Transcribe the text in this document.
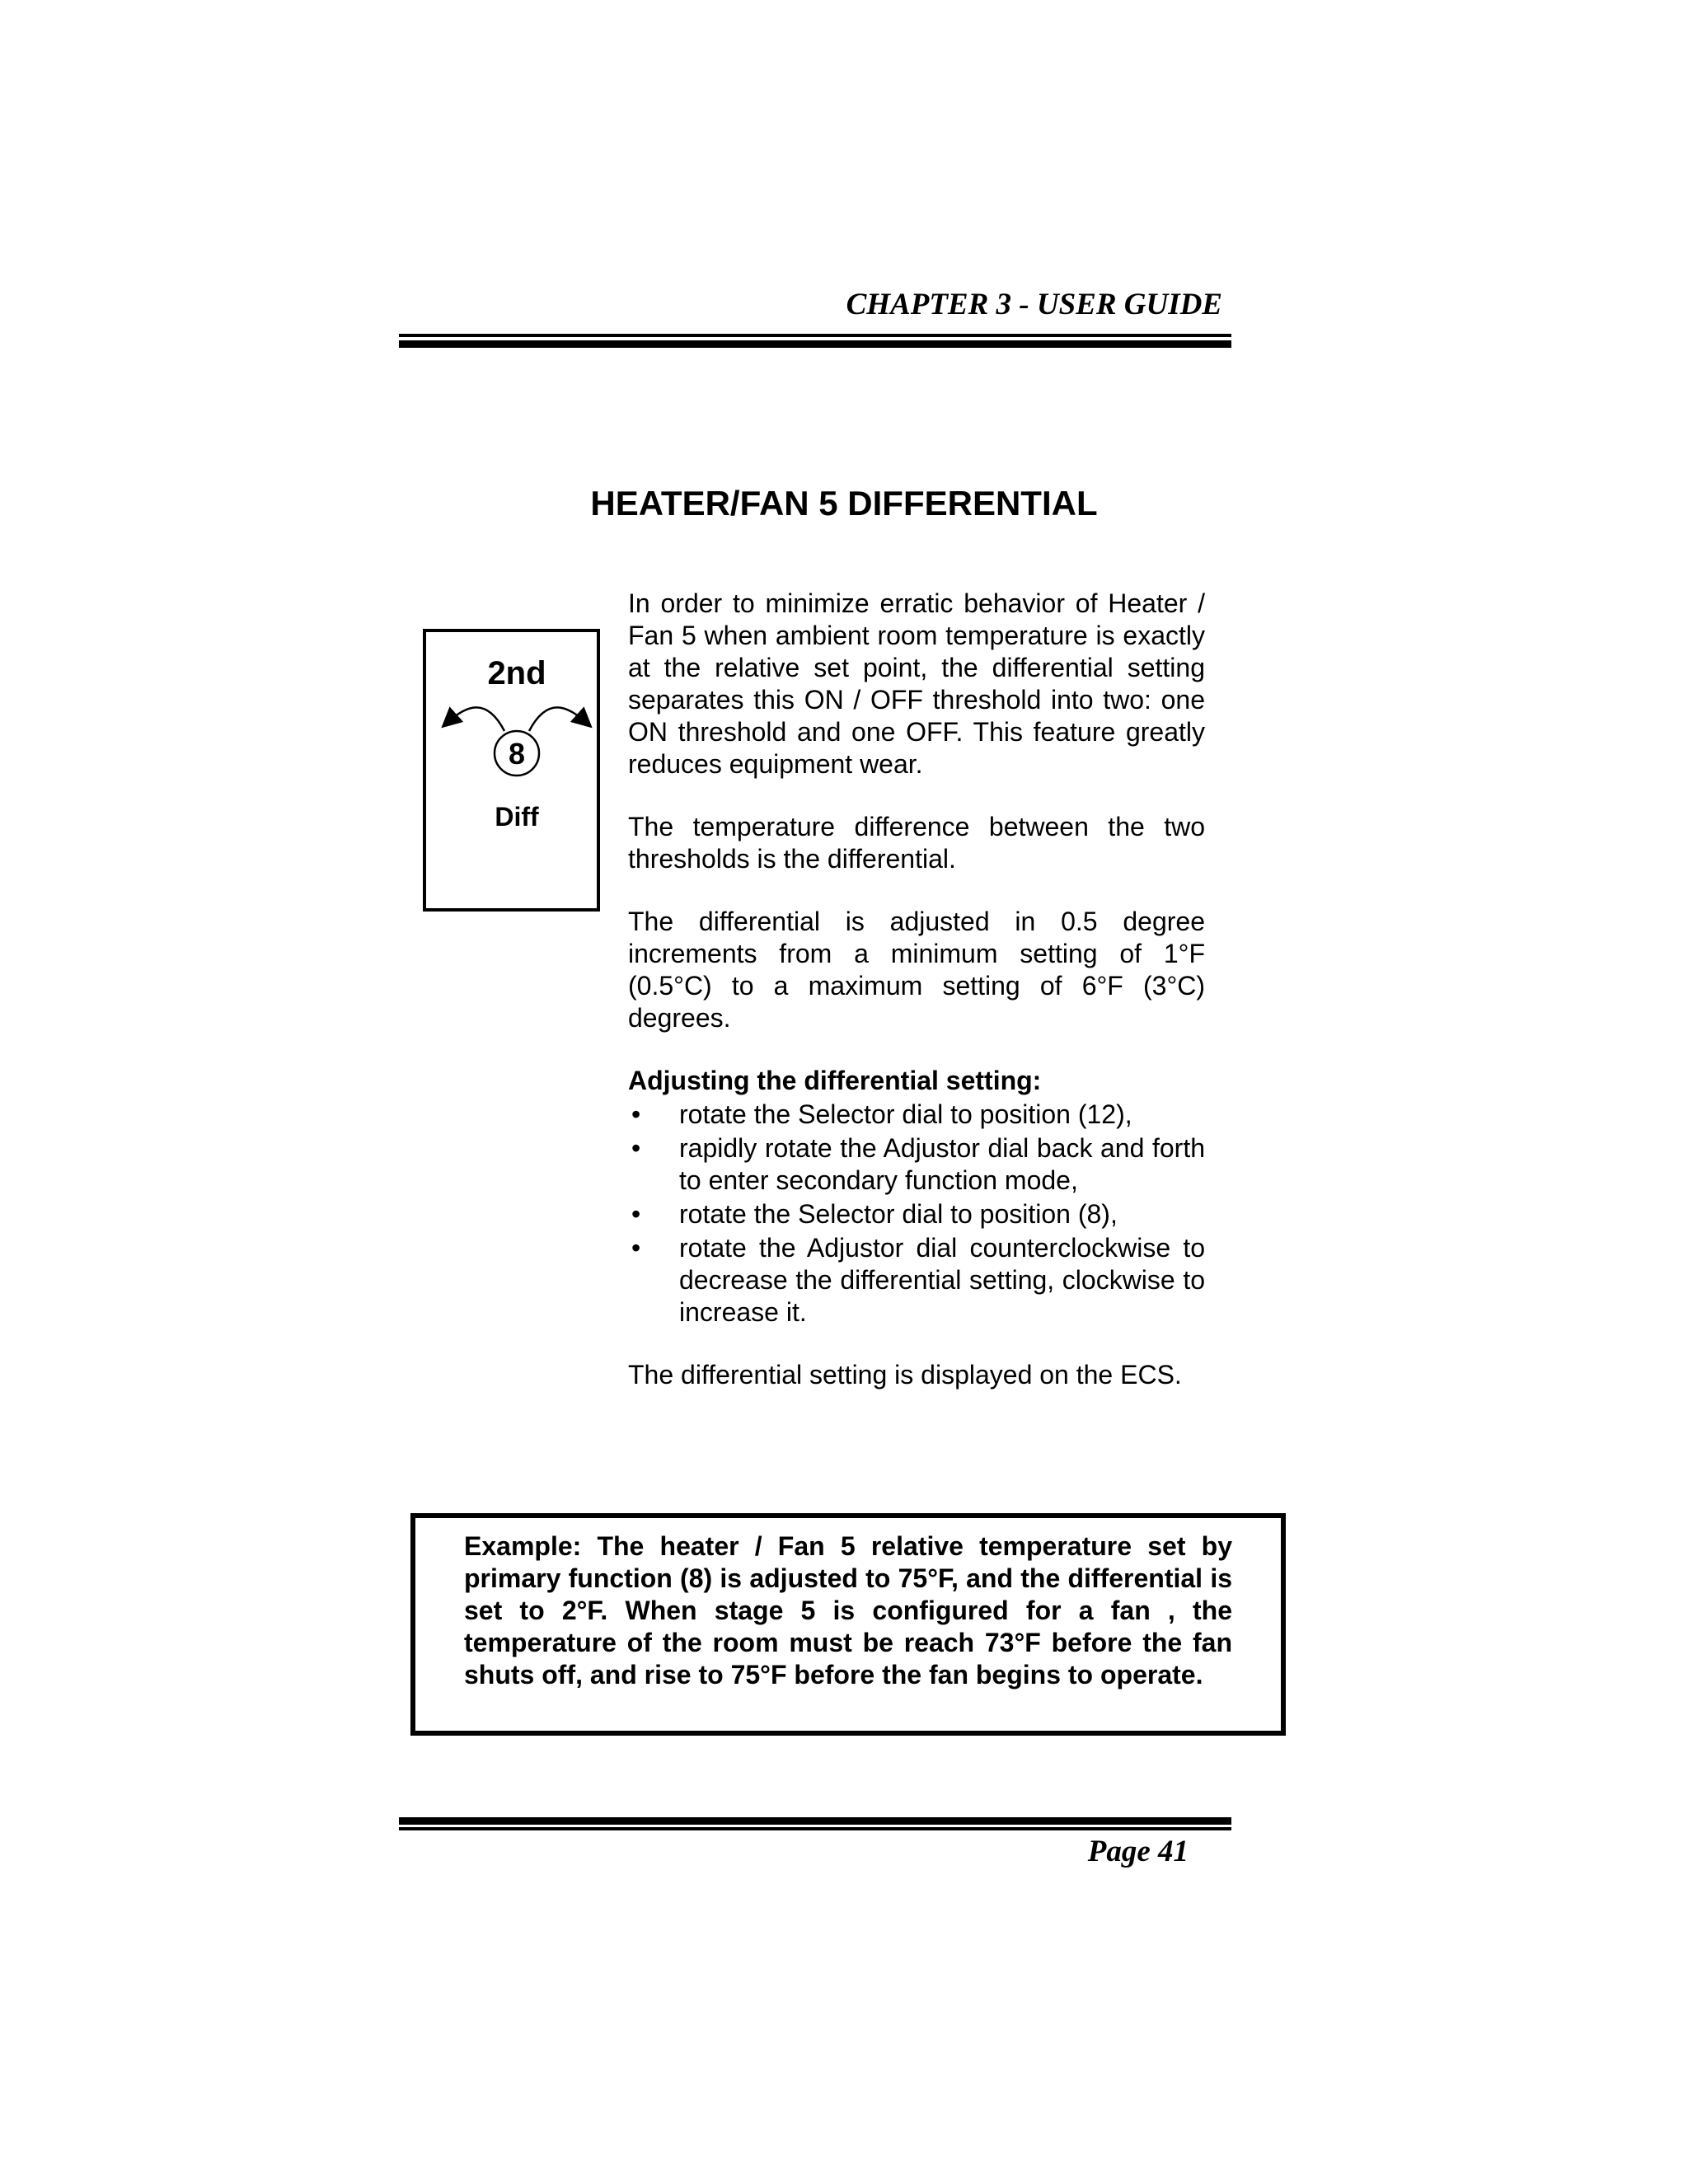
CHAPTER 3 - USER GUIDE
HEATER/FAN 5 DIFFERENTIAL
2nd
8
Diff

In order to minimize erratic behavior of Heater / Fan 5 when ambient room temperature is exactly at the relative set point, the differential setting separates this ON / OFF threshold into two: one ON threshold and one OFF. This feature greatly reduces equipment wear.

The temperature difference between the two thresholds is the differential.

The differential is adjusted in 0.5 degree increments from a minimum setting of 1°F (0.5°C) to a maximum setting of 6°F (3°C) degrees.

Adjusting the differential setting:

• rotate the Selector dial to position (12),
• rapidly rotate the Adjustor dial back and forth to enter secondary function mode,
• rotate the Selector dial to position (8),
• rotate the Adjustor dial counterclockwise to decrease the differential setting, clockwise to increase it.

The differential setting is displayed on the ECS.

Example: The heater / Fan 5 relative temperature set by primary function (8) is adjusted to 75°F, and the differential is set to 2°F. When stage 5 is configured for a fan , the temperature of the room must be reach 73°F before the fan shuts off, and rise to 75°F before the fan begins to operate.

Page 41
